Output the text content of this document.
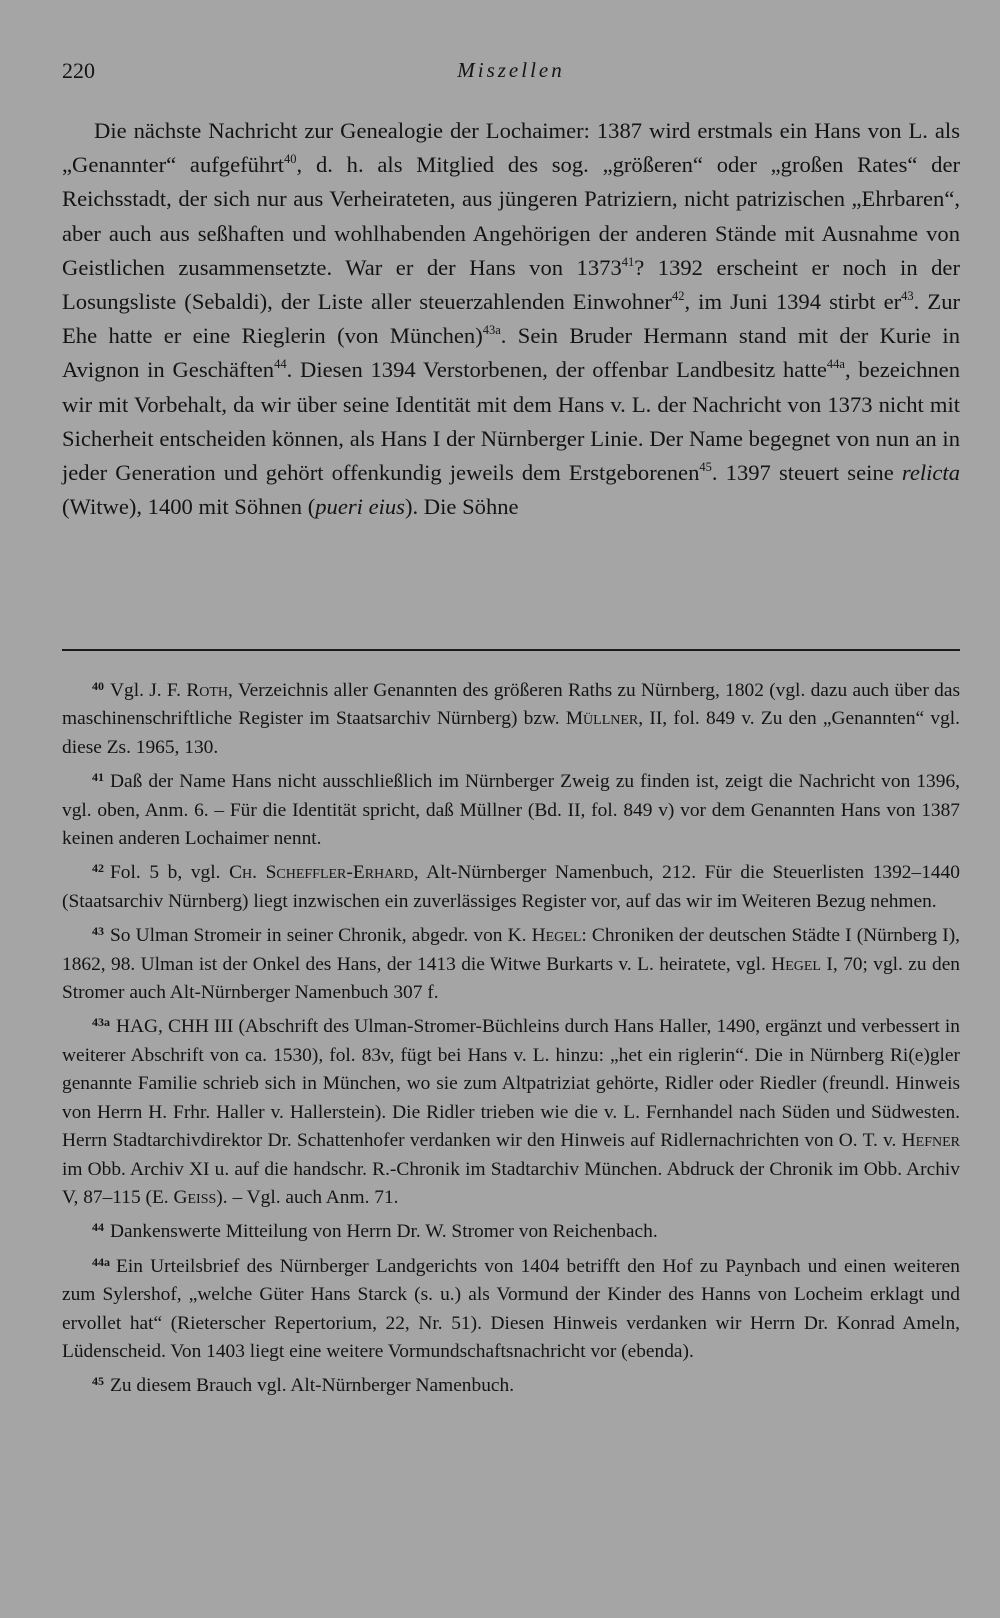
220	Miszellen

Die nächste Nachricht zur Genealogie der Lochaimer: 1387 wird erstmals ein Hans von L. als „Genannter“ aufgeführt$^{40}$, d. h. als Mitglied des sog. „größeren“ oder „großen Rates“ der Reichsstadt, der sich nur aus Verheirateten, aus jüngeren Patriziern, nicht patrizischen „Ehrbaren“, aber auch aus seßhaften und wohlhabenden Angehörigen der anderen Stände mit Ausnahme von Geistlichen zusammensetzte. War er der Hans von 1373$^{41}$? 1392 erscheint er noch in der Losungsliste (Sebaldi), der Liste aller steuerzahlenden Einwohner$^{42}$, im Juni 1394 stirbt $er^{43}$. Zur Ehe hatte er eine Rieglerin (von München)$^{43a}$. Sein Bruder Hermann stand mit der Kurie in Avignon in Geschäften$^{44}$. Diesen 1394 Verstorbenen, der offenbar Landbesitz hatte$^{44a}$, bezeichnen wir mit Vorbehalt, da wir über seine Identität mit dem Hans v. L. der Nachricht von 1373 nicht mit Sicherheit entscheiden können, als Hans I der Nürnberger Linie. Der Name begegnet von nun an in jeder Generation und gehört offenkundig jeweils dem Erstgeborenen$^{45}$. 1397 steuert seine relicta (Witwe), 1400 mit Söhnen (pueri eius). Die Söhne

$^{40}$ Vgl. J. F. Roth, Verzeichnis aller Genannten des größeren Raths zu Nürnberg, 1802 (vgl. dazu auch über das maschinenschriftliche Register im Staatsarchiv Nürnberg) bzw. Müllner, II, fol. 849 v. Zu den „Genannten“ vgl. diese Zs. 1965, 130.

$^{41}$ Daß der Name Hans nicht ausschließlich im Nürnberger Zweig zu finden ist, zeigt die Nachricht von 1396, vgl. oben, Anm. 6. – Für die Identität spricht, daß Müllner (Bd. II, fol. 849 v) vor dem Genannten Hans von 1387 keinen anderen Lochaimer nennt.

$^{42}$ Fol. 5 b, vgl. Ch. Scheffler-Erhard, Alt-Nürnberger Namenbuch, 212. Für die Steuerlisten 1392–1440 (Staatsarchiv Nürnberg) liegt inzwischen ein zuverlässiges Register vor, auf das wir im Weiteren Bezug nehmen.

$^{43}$ So Ulman Stromeir in seiner Chronik, abgedr. von K. Hegel: Chroniken der deutschen Städte I (Nürnberg I), 1862, 98. Ulman ist der Onkel des Hans, der 1413 die Witwe Burkarts v. L. heiratete, vgl. Hegel I, 70; vgl. zu den Stromer auch Alt-Nürnberger Namenbuch 307 f.

$^{43a}$ HAG, CHH III (Abschrift des Ulman-Stromer-Büchleins durch Hans Haller, 1490, ergänzt und verbessert in weiterer Abschrift von ca. 1530), fol. 83v, fügt bei Hans v. L. hinzu: „het ein riglerin“. Die in Nürnberg Ri(e)gler genannte Familie schrieb sich in München, wo sie zum Altpatriziat gehörte, Ridler oder Riedler (freundl. Hinweis von Herrn H. Frhr. Haller v. Hallerstein). Die Ridler trieben wie die v. L. Fernhandel nach Süden und Südwesten. Herrn Stadtarchivdirektor Dr. Schattenhofer verdanken wir den Hinweis auf Ridlernachrichten von O. T. v. Hefner im Obb. Archiv XI u. auf die handschr. R.-Chronik im Stadtarchiv München. Abdruck der Chronik im Obb. Archiv V, 87–115 (E. Geiss). – Vgl. auch Anm. 71.

$^{44}$ Dankenswerte Mitteilung von Herrn Dr. W. Stromer von Reichenbach.

$^{44a}$ Ein Urteilsbrief des Nürnberger Landgerichts von 1404 betrifft den Hof zu Paynbach und einen weiteren zum Sylershof, „welche Güter Hans Starck (s. u.) als Vormund der Kinder des Hanns von Locheim erklagt und ervollet hat“ (Rieterscher Repertorium, 22, Nr. 51). Diesen Hinweis verdanken wir Herrn Dr. Konrad Ameln, Lüdenscheid. Von 1403 liegt eine weitere Vormundschaftsnachricht vor (ebenda).

$^{45}$ Zu diesem Brauch vgl. Alt-Nürnberger Namenbuch.
